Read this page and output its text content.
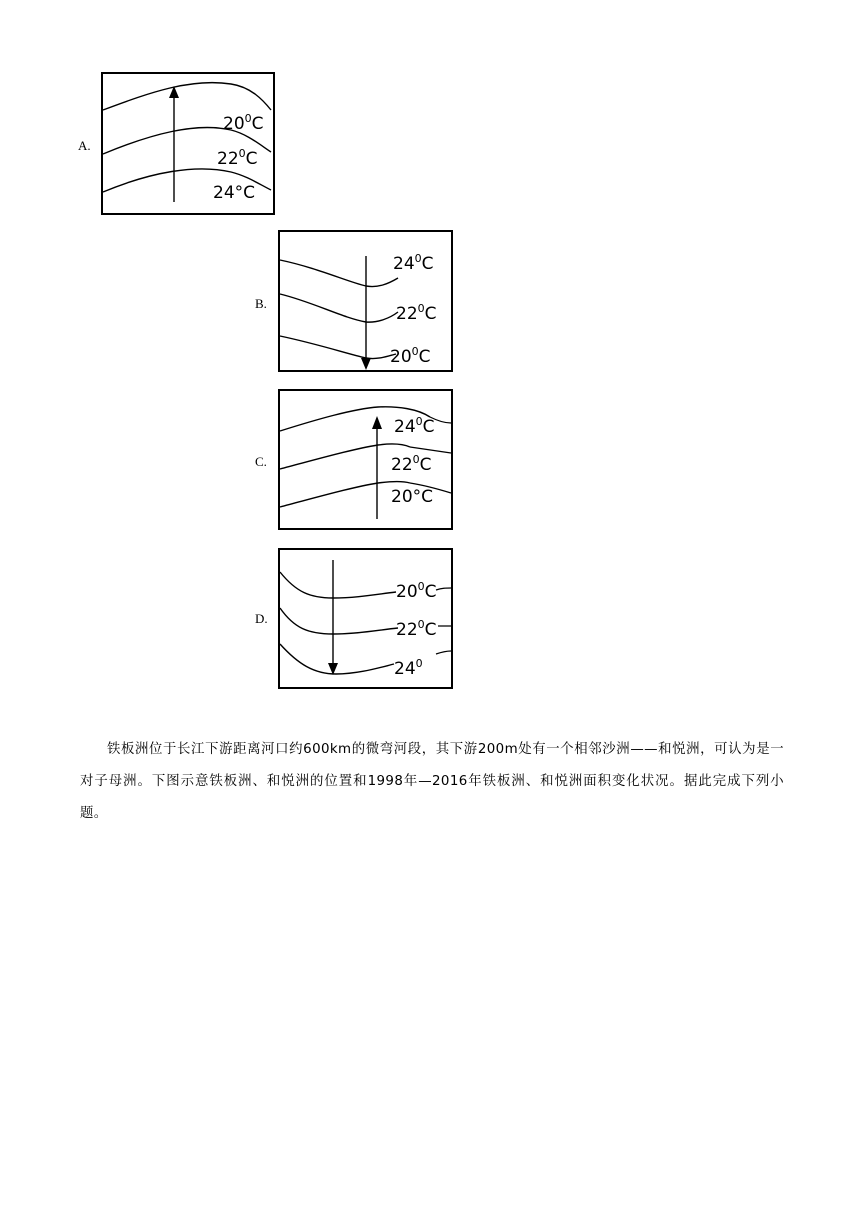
A.
$20^0C$
$22^0C$
24°C
B.
$24^0C$
$22^0C$
$20^0C$
C.
$24^0C$
$22^0C$
20°C
D.
$20^0C$
$22^0C$
$24^0$

铁板洲位于长江下游距离河口约600km的微弯河段，其下游200m处有一个相邻沙洲——和悦洲，可认为是一对子母洲。下图示意铁板洲、和悦洲的位置和1998年—2016年铁板洲、和悦洲面积变化状况。据此完成下列小题。
